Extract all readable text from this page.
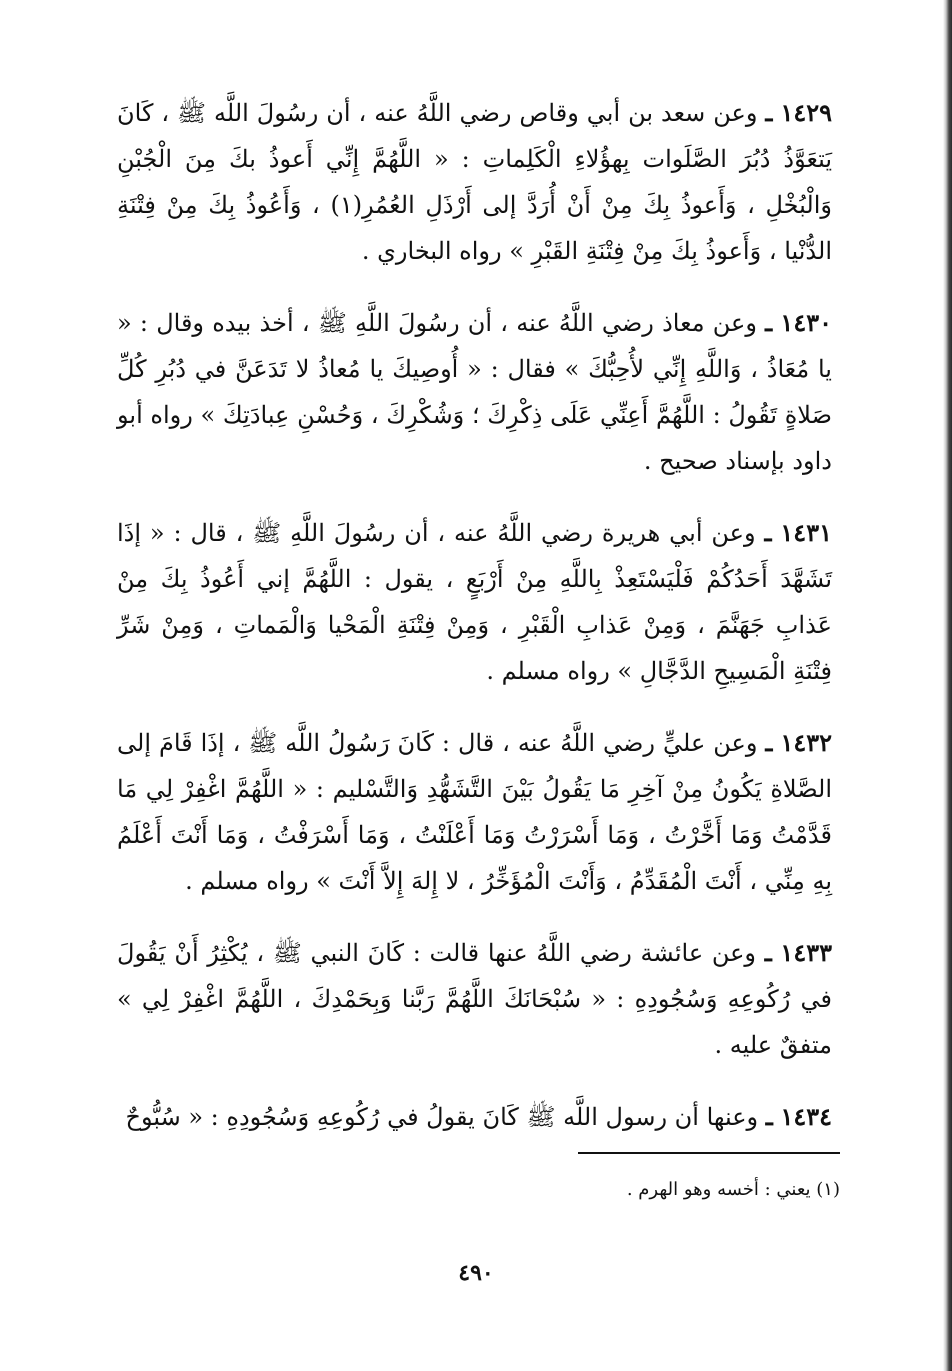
١٤٢٩ ـ وعن سعد بن أبي وقاص رضي اللَّهُ عنه ، أن رسُولَ اللَّه ﷺ ، كَانَ يَتعَوَّذُ دُبُرَ الصَّلَوات بِهؤُلاءِ الْكَلِماتِ : « اللَّهُمَّ إِنِّي أَعوذُ بكَ مِنَ الْجُبْنِ وَالْبُخْلِ ، وَأَعوذُ بِكَ مِنْ أَنْ أُرَدَّ إلى أَرْذَلِ العُمُرِ(١) ، وَأَعُوذُ بِكَ مِنْ فِتْنَةِ الدُّنْيا ، وَأَعوذُ بِكَ مِنْ فِتْنَةِ القَبْرِ » رواه البخاري .

١٤٣٠ ـ وعن معاذ رضي اللَّهُ عنه ، أن رسُولَ اللَّهِ ﷺ ، أخذ بيده وقال : « يا مُعَاذُ ، وَاللَّهِ إِنِّي لأُحِبُّكَ » فقال : « أُوصِيكَ يا مُعاذُ لا تَدَعَنَّ في دُبُرِ كُلِّ صَلاةٍ تَقُولُ : اللَّهُمَّ أَعِنِّي عَلَى ذِكْرِكَ ؛ وَشُكْرِكَ ، وَحُسْنِ عِبادَتِكَ » رواه أبو داود بإسناد صحيح .

١٤٣١ ـ وعن أبي هريرة رضي اللَّهُ عنه ، أن رسُولَ اللَّهِ ﷺ ، قال : « إذَا تَشَهَّدَ أَحَدُكُمْ فَلْيَسْتَعِذْ بِاللَّهِ مِنْ أَرْبَعٍ ، يقول : اللَّهُمَّ إني أَعُوذُ بِكَ مِنْ عَذابِ جَهَنَّمَ ، وَمِنْ عَذابِ الْقَبْرِ ، وَمِنْ فِتْنَةِ الْمَحْيا وَالْمَماتِ ، وَمِنْ شَرِّ فِتْنَةِ الْمَسِيحِ الدَّجَّالِ » رواه مسلم .

١٤٣٢ ـ وعن عليٍّ رضي اللَّهُ عنه ، قال : كَانَ رَسُولُ اللَّه ﷺ ، إذَا قَامَ إلى الصَّلاةِ يَكُونُ مِنْ آخِرِ مَا يَقُولُ بَيْنَ التَّشَهُّدِ وَالتَّسْليم : « اللَّهُمَّ اغْفِرْ لِي مَا قَدَّمْتُ وَمَا أَخَّرْتُ ، وَمَا أَسْرَرْتُ وَمَا أَعْلَنْتُ ، وَمَا أَسْرَفْتُ ، وَمَا أَنْتَ أَعْلَمُ بِهِ مِنِّي ، أَنْتَ الْمُقَدِّمُ ، وَأَنْتَ الْمُؤَخِّرُ ، لا إِلهَ إِلاَّ أَنْتَ » رواه مسلم .

١٤٣٣ ـ وعن عائشة رضي اللَّهُ عنها قالت : كَانَ النبي ﷺ ، يُكْثِرُ أَنْ يَقُولَ في رُكُوعِهِ وَسُجُودِهِ : « سُبْحَانَكَ اللَّهُمَّ رَبَّنا وَبِحَمْدِكَ ، اللَّهُمَّ اغْفِرْ لِي » متفقٌ عليه .

١٤٣٤ ـ وعنها أن رسول اللَّه ﷺ كَانَ يقولُ في رُكُوعِهِ وَسُجُودِهِ : « سُبُّوحٌ

(١) يعني : أخسه وهو الهرم .
٤٩٠
